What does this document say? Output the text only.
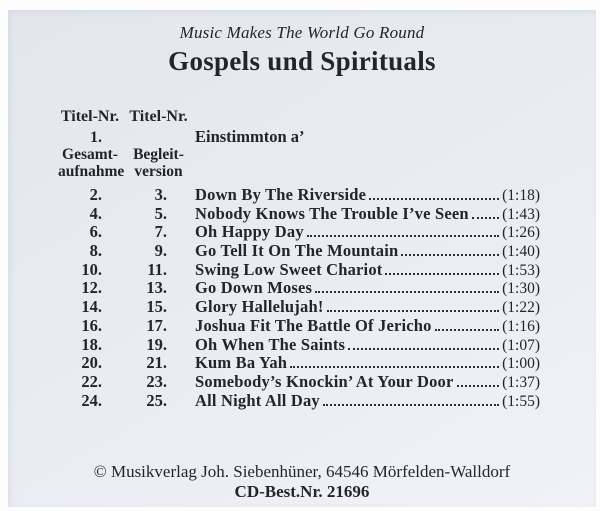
Music Makes The World Go Round
Gospels und Spirituals
Titel-Nr. Titel-Nr.
1.	Einstimmton a’
Gesamt- Begleit-
aufnahme version
2.	3.	Down By The Riverside	(1:18)
4.	5.	Nobody Knows The Trouble I’ve Seen (1:43)
6.	7.	Oh Happy Day	(1:26)
8.	9.	Go Tell It On The Mountain	(1:40)
10.	11.	Swing Low Sweet Chariot	(1:53)
12.	13.	Go Down Moses	(1:30)
14.	15.	Glory Hallelujah!	(1:22)
16.	17.	Joshua Fit The Battle Of Jericho	(1:16)
18.	19.	Oh When The Saints	(1:07)
20.	21.	Kum Ba Yah	(1:00)
22.	23.	Somebody’s Knockin’ At Your Door	(1:37)
24.	25.	All Night All Day	(1:55)
© Musikverlag Joh. Siebenhüner, 64546 Mörfelden-Walldorf
CD-Best.Nr. 21696
